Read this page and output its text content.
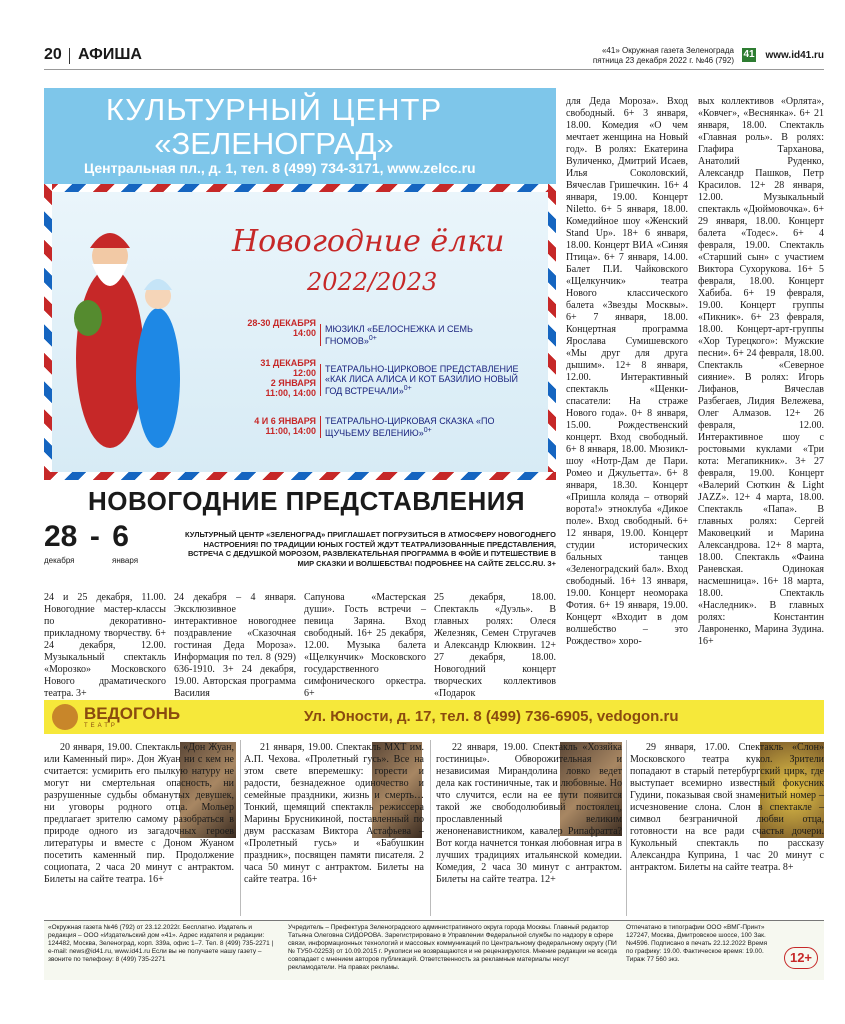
20 АФИША	«41» Окружная газета Зеленограда
пятница 23 декабря 2022 г. №46 (792)
41 www.id41.ru
КУЛЬТУРНЫЙ ЦЕНТР
«ЗЕЛЕНОГРАД»
Центральная пл., д. 1, тел. 8 (499) 734-3171, www.zelcc.ru
Новогодние ёлки
2022/2023
28-30 ДЕКАБРЯ
14:00	МЮЗИКЛ «БЕЛОСНЕЖКА И СЕМЬ ГНОМОВ»$^{0+}$
31 ДЕКАБРЯ
12:00
2 ЯНВАРЯ
11:00, 14:00
ТЕАТРАЛЬНО-ЦИРКОВОЕ ПРЕДСТАВЛЕНИЕ «КАК ЛИСА АЛИСА И КОТ БАЗИЛИО НОВЫЙ ГОД ВСТРЕЧАЛИ»$^{0+}$
4 И 6 ЯНВАРЯ
11:00, 14:00
ТЕАТРАЛЬНО-ЦИРКОВАЯ СКАЗКА «ПО ЩУЧЬЕМУ ВЕЛЕНИЮ»$^{0+}$
НОВОГОДНИЕ ПРЕДСТАВЛЕНИЯ
28 - 6
декабря	января
КУЛЬТУРНЫЙ ЦЕНТР «ЗЕЛЕНОГРАД» ПРИГЛАШАЕТ ПОГРУЗИТЬСЯ В АТМОСФЕРУ НОВОГОДНЕГО НАСТРОЕНИЯ! ПО ТРАДИЦИИ ЮНЫХ ГОСТЕЙ ЖДУТ ТЕАТРАЛИЗОВАННЫЕ ПРЕДСТАВЛЕНИЯ, ВСТРЕЧА С ДЕДУШКОЙ МОРОЗОМ, РАЗВЛЕКАТЕЛЬНАЯ ПРОГРАММА В ФОЙЕ И ПУТЕШЕСТВИЕ В МИР СКАЗКИ И ВОЛШЕБСТВА! ПОДРОБНЕЕ НА САЙТЕ ZELCC.RU. 3+
24 и 25 декабря, 11.00. Новогодние мастер-классы по декоративно-прикладному творчеству. 6+ 24 декабря, 12.00. Музыкальный спектакль «Морозко» Московского Нового драматического театра. 3+
24 декабря – 4 января. Эксклюзивное интерактивное новогоднее поздравление «Сказочная гостиная Деда Мороза». Информация по тел. 8 (929) 636-1910. 3+ 24 декабря, 19.00. Авторская программа Василия
Сапунова «Мастерская души». Гость встречи – певица Заряна. Вход свободный. 16+ 25 декабря, 12.00. Музыка балета «Щелкунчик» Московского государственного симфонического оркестра. 6+
25 декабря, 18.00. Спектакль «Дуэль». В главных ролях: Олеся Железняк, Семен Стругачев и Александр Клюквин. 12+ 27 декабря, 18.00. Новогодний концерт творческих коллективов «Подарок
для Деда Мороза». Вход свободный. 6+ 3 января, 18.00. Комедия «О чем мечтает женщина на Новый год». В ролях: Екатерина Вуличенко, Дмитрий Исаев, Илья Соколовский, Вячеслав Гришечкин. 16+ 4 января, 19.00. Концерт Niletto. 6+ 5 января, 18.00. Комедийное шоу «Женский Stand Up». 18+ 6 января, 18.00. Концерт ВИА «Синяя Птица». 6+ 7 января, 14.00. Балет П.И. Чайковского «Щелкунчик» театра Нового классического балета «Звезды Москвы». 6+ 7 января, 18.00. Концертная программа Ярослава Сумишевского «Мы друг для друга дышим». 12+ 8 января, 12.00. Интерактивный спектакль «Щенки-спасатели: На страже Нового года». 0+ 8 января, 15.00. Рождественский концерт. Вход свободный. 6+ 8 января, 18.00. Мюзикл-шоу «Нотр-Дам де Пари. Ромео и Джульетта». 6+ 8 января, 18.30. Концерт «Пришла коляда – отворяй ворота!» этноклуба «Дикое поле». Вход свободный. 6+ 12 января, 19.00. Концерт студии исторических бальных танцев «Зеленоградский бал». Вход свободный. 16+ 13 января, 19.00. Концерт неоморака Фотия. 6+ 19 января, 19.00. Концерт «Входит в дом волшебство – это Рождество» хоро-
вых коллективов «Орлята», «Ковчег», «Веснянка». 6+ 21 января, 18.00. Спектакль «Главная роль». В ролях: Глафира Тарханова, Анатолий Руденко, Александр Пашков, Петр Красилов. 12+ 28 января, 12.00. Музыкальный спектакль «Дюймовочка». 6+ 29 января, 18.00. Концерт балета «Тодес». 6+ 4 февраля, 19.00. Спектакль «Старший сын» с участием Виктора Сухорукова. 16+ 5 февраля, 18.00. Концерт Хабиба. 6+ 19 февраля, 19.00. Концерт группы «Пикник». 6+ 23 февраля, 18.00. Концерт-арт-группы «Хор Турецкого»: Мужские песни». 6+ 24 февраля, 18.00. Спектакль «Северное сияние». В ролях: Игорь Лифанов, Вячеслав Разбегаев, Лидия Вележева, Олег Алмазов. 12+ 26 февраля, 12.00. Интерактивное шоу с ростовыми куклами «Три кота: Мегапикник». 3+ 27 февраля, 19.00. Концерт «Валерий Сюткин & Light JAZZ». 12+ 4 марта, 18.00. Спектакль «Папа». В главных ролях: Сергей Маковецкий и Марина Александрова. 12+ 8 марта, 18.00. Спектакль «Фаина Раневская. Одинокая насмешница». 16+ 18 марта, 18.00. Спектакль «Наследник». В главных ролях: Константин Лавроненко, Марина Зудина. 16+
ВЕДОГОНЬ
ТЕАТР
Ул. Юности, д. 17, тел. 8 (499) 736-6905, vedogon.ru
20 января, 19.00. Спектакль «Дон Жуан, или Каменный пир». Дон Жуан ни с кем не считается: усмирить его пылкую натуру не могут ни смертельная опасность, ни разрушенные судьбы обманутых девушек, ни уговоры родного отца. Мольер предлагает зрителю самому разобраться в природе одного из загадочных героев литературы и вместе с Доном Жуаном посетить каменный пир. Продолжение социопата, 2 часа 20 минут с антрактом. Билеты на сайте театра. 16+
21 января, 19.00. Спектакль МХТ им. А.П. Чехова. «Пролетный гусь». Все на этом свете вперемешку: горести и радости, безнадежное одиночество и семейные праздники, жизнь и смерть… Тонкий, щемящий спектакль режиссера Марины Брусникиной, поставленный по двум рассказам Виктора Астафьева – «Пролетный гусь» и «Бабушкин праздник», посвящен памяти писателя. 2 часа 50 минут с антрактом. Билеты на сайте театра. 16+
22 января, 19.00. Спектакль «Хозяйка гостиницы». Обворожительная и независимая Мирандолина ловко ведет дела как гостиничные, так и любовные. Но что случится, если на ее пути появится такой же свободолюбивый постоялец, прославленный великим женоненавистником, кавалер Рипафратта? Вот когда начнется тонкая любовная игра в лучших традициях итальянской комедии. Комедия, 2 часа 30 минут с антрактом. Билеты на сайте театра. 12+
29 января, 17.00. Спектакль «Слон» Московского театра кукол. Зрители попадают в старый петербургский цирк, где выступает всемирно известный фокусник Гудини, показывая свой знаменитый номер – исчезновение слона. Слон в спектакле – символ безграничной любви отца, готовности на все ради счастья дочери. Кукольный спектакль по рассказу Александра Куприна, 1 час 20 минут с антрактом. Билеты на сайте театра. 8+
«Окружная газета №46 (792) от 23.12.2022г. Бесплатно. Издатель и редакция – ООО «Издательский дом «41». Адрес издателя и редакции: 124482, Москва, Зеленоград, корп. 339а, офис 1–7. Тел. 8 (499) 735-2271 | e-mail: news@id41.ru, www.id41.ru Если вы не получаете нашу газету – звоните по телефону: 8 (499) 735-2271
Учредитель – Префектура Зеленоградского административного округа города Москвы. Главный редактор Татьяна Олеговна СИДОРОВА. Зарегистрировано в Управлении Федеральной службы по надзору в сфере связи, информационных технологий и массовых коммуникаций по Центральному федеральному округу (ПИ № ТУ50-02253) от 10.09.2015 г. Рукописи не возвращаются и не рецензируются. Мнение редакции не всегда совпадает с мнением авторов публикаций. Ответственность за рекламные материалы несут рекламодатели. На правах рекламы.
Отпечатано в типографии ООО «ВМГ-Принт» 127247, Москва, Дмитровское шоссе, 100 Зак.№4596. Подписано в печать 22.12.2022 Время по графику: 19.00. Фактическое время: 19.00. Тираж 77 560 экз.	12+
